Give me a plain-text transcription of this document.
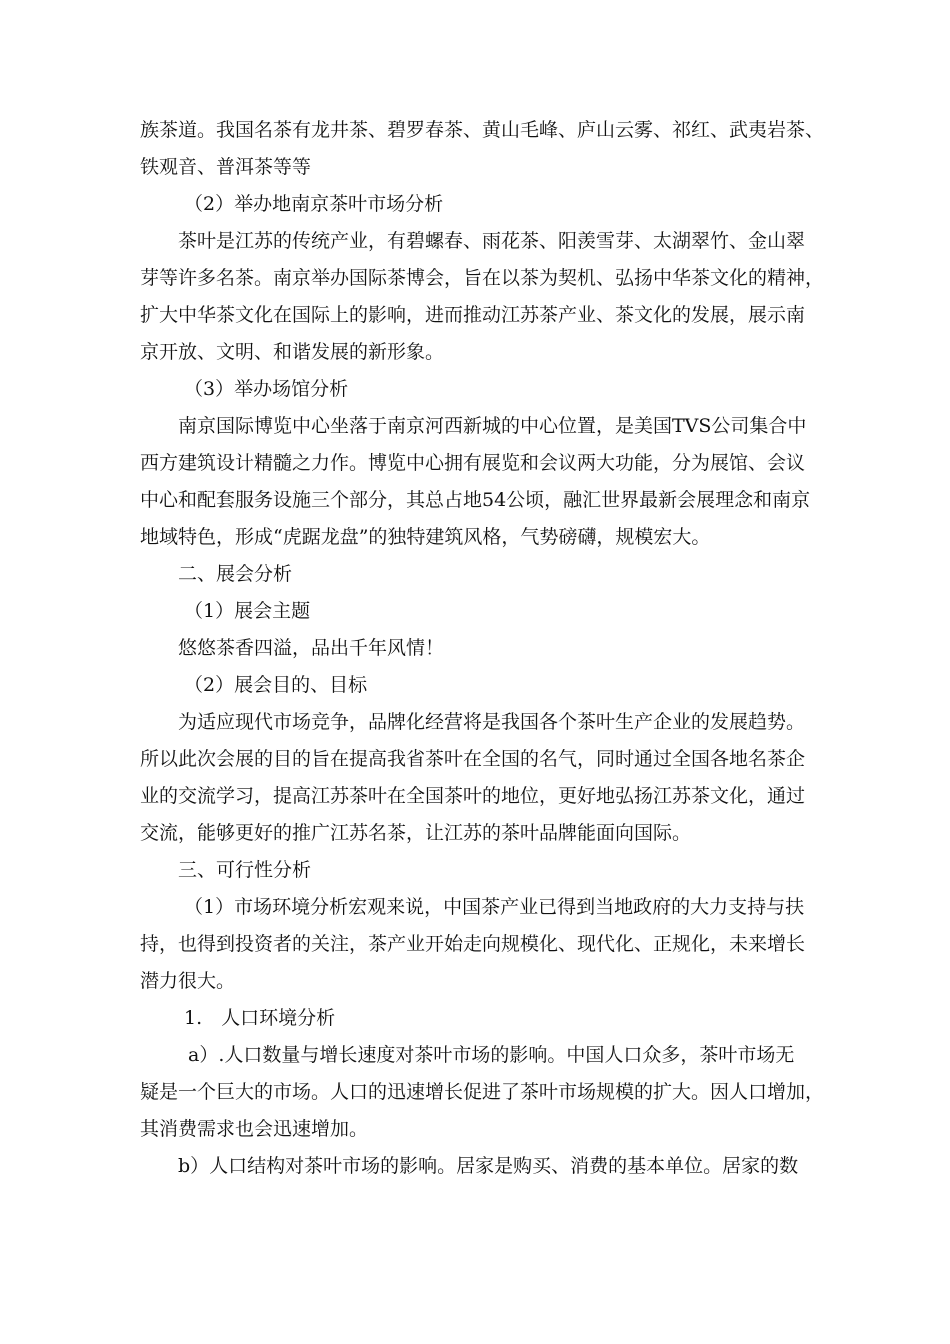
族茶道。我国名茶有龙井茶、碧罗春茶、黄山毛峰、庐山云雾、祁红、武夷岩茶、
铁观音、普洱茶等等
（2）举办地南京茶叶市场分析
茶叶是江苏的传统产业，有碧螺春、雨花茶、阳羡雪芽、太湖翠竹、金山翠
芽等许多名茶。南京举办国际茶博会，旨在以茶为契机、弘扬中华茶文化的精神，
扩大中华茶文化在国际上的影响，进而推动江苏茶产业、茶文化的发展，展示南
京开放、文明、和谐发展的新形象。
（3）举办场馆分析
南京国际博览中心坐落于南京河西新城的中心位置，是美国TVS公司集合中
西方建筑设计精髓之力作。博览中心拥有展览和会议两大功能，分为展馆、会议
中心和配套服务设施三个部分，其总占地54公顷，融汇世界最新会展理念和南京
地域特色，形成“虎踞龙盘”的独特建筑风格，气势磅礴，规模宏大。
二、展会分析
（1）展会主题
悠悠茶香四溢，品出千年风情！
（2）展会目的、目标
为适应现代市场竞争，品牌化经营将是我国各个茶叶生产企业的发展趋势。
所以此次会展的目的旨在提高我省茶叶在全国的名气，同时通过全国各地名茶企
业的交流学习，提高江苏茶叶在全国茶叶的地位，更好地弘扬江苏茶文化，通过
交流，能够更好的推广江苏名茶，让江苏的茶叶品牌能面向国际。
三、可行性分析
（1）市场环境分析宏观来说，中国茶产业已得到当地政府的大力支持与扶
持，也得到投资者的关注，茶产业开始走向规模化、现代化、正规化，未来增长
潜力很大。
1.　人口环境分析
a）.人口数量与增长速度对茶叶市场的影响。中国人口众多，茶叶市场无
疑是一个巨大的市场。人口的迅速增长促进了茶叶市场规模的扩大。因人口增加，
其消费需求也会迅速增加。
b）人口结构对茶叶市场的影响。居家是购买、消费的基本单位。居家的数
